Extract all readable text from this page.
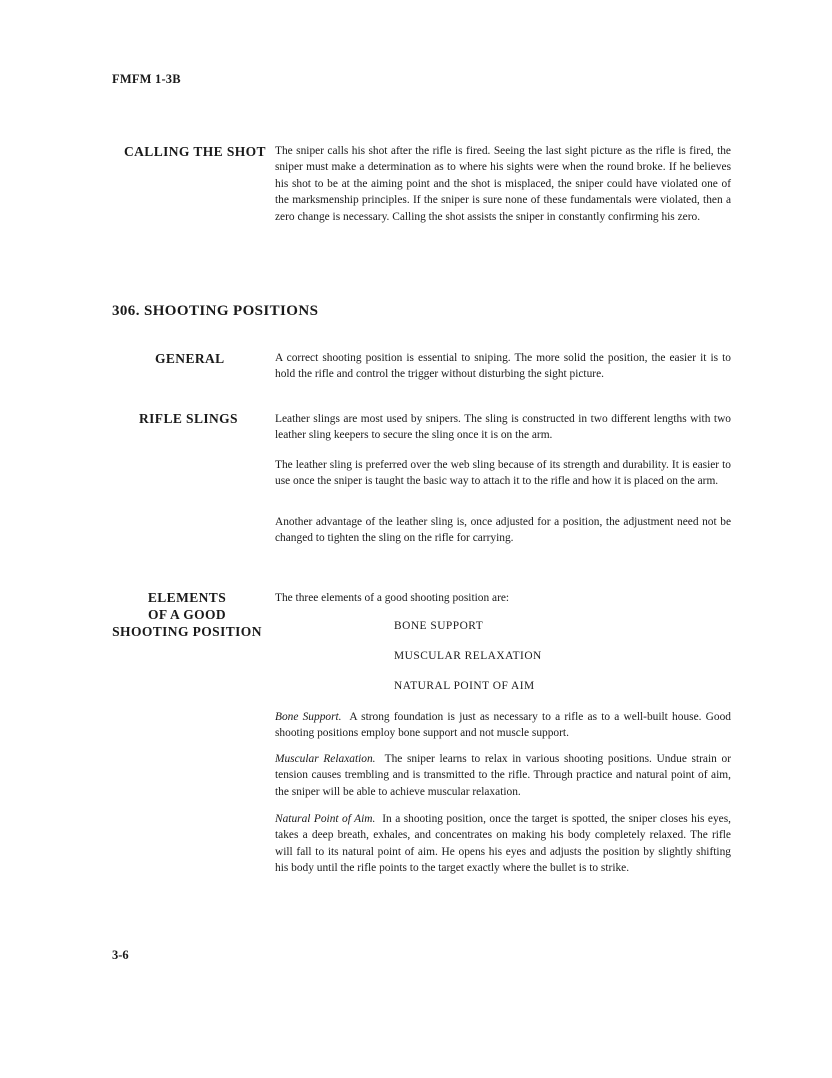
FMFM 1-3B
CALLING THE SHOT The sniper calls his shot after the rifle is fired. Seeing the last sight picture as the rifle is fired, the sniper must make a determination as to where his sights were when the round broke. If he believes his shot to be at the aiming point and the shot is misplaced, the sniper could have violated one of the marksmenship principles. If the sniper is sure none of these fundamentals were violated, then a zero change is necessary. Calling the shot assists the sniper in constantly confirming his zero.

306. SHOOTING POSITIONS
GENERAL	A correct shooting position is essential to sniping. The more solid the position, the easier it is to hold the rifle and control the trigger without disturbing the sight picture.

RIFLE SLINGS	Leather slings are most used by snipers. The sling is constructed in two different lengths with two leather sling keepers to secure the sling once it is on the arm.

The leather sling is preferred over the web sling because of its strength and durability. It is easier to use once the sniper is taught the basic way to attach it to the rifle and how it is placed on the arm.

Another advantage of the leather sling is, once adjusted for a position, the adjustment need not be changed to tighten the sling on the rifle for carrying.

ELEMENTS
OF A GOOD
SHOOTING POSITION

The three elements of a good shooting position are:

BONE SUPPORT
MUSCULAR RELAXATION
NATURAL POINT OF AIM

Bone Support. A strong foundation is just as necessary to a rifle as to a well-built house. Good shooting positions employ bone support and not muscle support.

Muscular Relaxation. The sniper learns to relax in various shooting positions. Undue strain or tension causes trembling and is transmitted to the rifle. Through practice and natural point of aim, the sniper will be able to achieve muscular relaxation.

Natural Point of Aim. In a shooting position, once the target is spotted, the sniper closes his eyes, takes a deep breath, exhales, and concentrates on making his body completely relaxed. The rifle will fall to its natural point of aim. He opens his eyes and adjusts the position by slightly shifting his body until the rifle points to the target exactly where the bullet is to strike.

3-6
